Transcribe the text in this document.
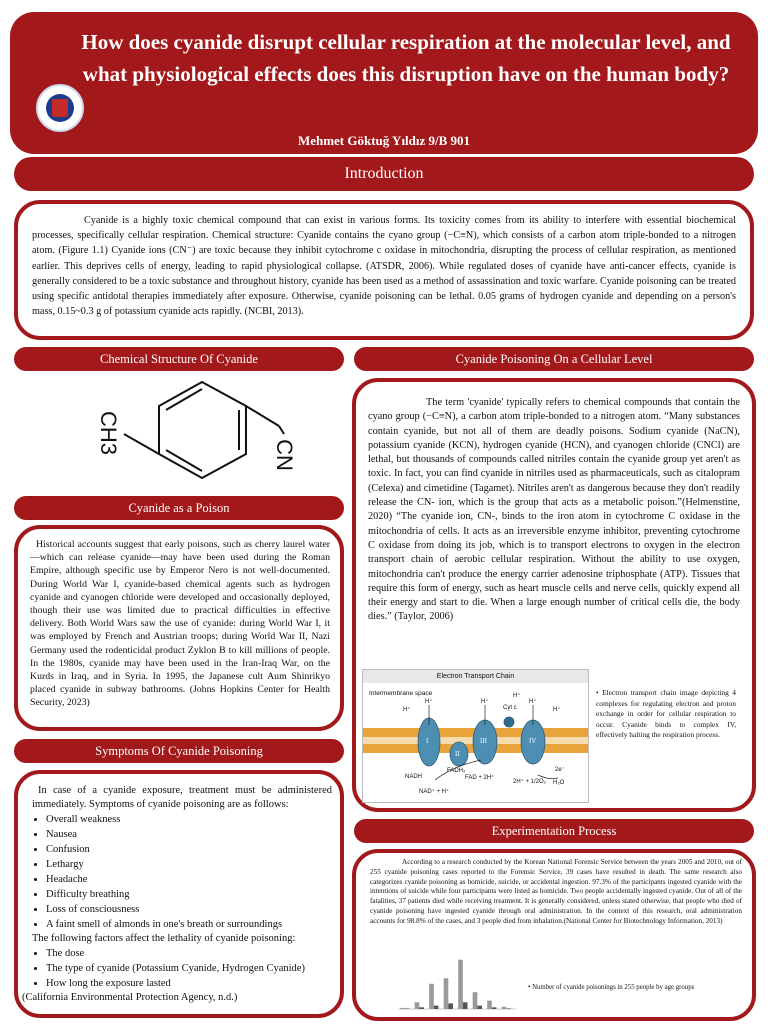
How does cyanide disrupt cellular respiration at the molecular level, and what physiological effects does this disruption have on the human body?
Mehmet Göktuğ Yıldız 9/B 901
Introduction

Cyanide is a highly toxic chemical compound that can exist in various forms. Its toxicity comes from its ability to interfere with essential biochemical processes, specifically cellular respiration. Chemical structure: Cyanide contains the cyano group (−C≡N), which consists of a carbon atom triple-bonded to a nitrogen atom. (Figure 1.1) Cyanide ions (CN⁻) are toxic because they inhibit cytochrome c oxidase in mitochondria, disrupting the process of cellular respiration, as mentioned earlier. This deprives cells of energy, leading to rapid physiological collapse. (ATSDR, 2006). While regulated doses of cyanide have anti-cancer effects, cyanide is generally considered to be a toxic substance and throughout history, cyanide has been used as a method of assassination and toxic warfare. Cyanide poisoning can be treated using specific antidotal therapies immediately after exposure. Otherwise, cyanide poisoning can be lethal. 0.05 grams of hydrogen cyanide and depending on a person's mass, 0.15~0.3 g of potassium cyanide acts rapidly. (NCBI, 2013).

Chemical Structure Of Cyanide
CH3	CN
Cyanide as a Poison

Historical accounts suggest that early poisons, such as cherry laurel water—which can release cyanide—may have been used during the Roman Empire, although specific use by Emperor Nero is not well-documented. During World War I, cyanide-based chemical agents such as hydrogen cyanide and cyanogen chloride were developed and occasionally deployed, though their use was limited due to practical difficulties in effective delivery. Both World Wars saw the use of cyanide: during World War I, it was employed by French and Austrian troops; during World War II, Nazi Germany used the rodenticidal product Zyklon B to kill millions of people. In the 1980s, cyanide may have been used in the Iran-Iraq War, on the Kurds in Iraq, and in Syria. In 1995, the Japanese cult Aum Shinrikyo placed cyanide in subway bathrooms. (Johns Hopkins Center for Health Security, 2023)

Symptoms Of Cyanide Poisoning

In case of a cyanide exposure, treatment must be administered immediately. Symptoms of cyanide poisoning are as follows:

• Overall weakness
• Nausea
• Confusion
• Lethargy
• Headache
• Difficulty breathing
• Loss of consciousness
• A faint smell of almonds in one's breath or surroundings

The following factors affect the lethality of cyanide poisoning:

• The dose
• The type of cyanide (Potassium Cyanide, Hydrogen Cyanide)
• How long the exposure lasted

(California Environmental Protection Agency, n.d.)

Cyanide Poisoning On a Cellular Level

The term 'cyanide' typically refers to chemical compounds that contain the cyano group (−C≡N), a carbon atom triple-bonded to a nitrogen atom. “Many substances contain cyanide, but not all of them are deadly poisons. Sodium cyanide (NaCN), potassium cyanide (KCN), hydrogen cyanide (HCN), and cyanogen chloride (CNCl) are lethal, but thousands of compounds called nitriles contain the cyanide group yet aren't as toxic. In fact, you can find cyanide in nitriles used as pharmaceuticals, such as citalopram (Celexa) and cimetidine (Tagamet). Nitriles aren't as dangerous because they don't readily release the CN- ion, which is the group that acts as a metabolic poison.”(Helmenstine, 2020) “The cyanide ion, CN-, binds to the iron atom in cytochrome C oxidase in the mitochondria of cells. It acts as an irreversible enzyme inhibitor, preventing cytochrome C oxidase from doing its job, which is to transport electrons to oxygen in the electron transport chain of aerobic cellular respiration. Without the ability to use oxygen, mitochondria can't produce the energy carrier adenosine triphosphate (ATP). Tissues that require this form of energy, such as heart muscle cells and nerve cells, quickly expend all their energy and start to die. When a large enough number of critical cells die, the body dies.” (Taylor, 2006)

Electron Transport Chain
Intermembrane space
I
II
III	IV
Cyt c
H⁺
H⁺	H⁺	H⁺
H⁺
H⁺
NADH
NAD⁺ + H⁺
FADH₂
FAD + 2H⁺
2H⁺ + 1/2O₂ H₂O
2e⁻
• Electron transport chain image depicting 4 complexes for regulating electron and proton exchange in order for cellular respiration to occur. Cyanide binds to complex IV, effectively halting the respiration process.
Experimentation Process

According to a research conducted by the Korean National Forensic Service between the years 2005 and 2010, out of 255 cyanide poisoning cases reported to the Forensic Service, 39 cases have resulted in death. The same research also categorizes cyanide poisoning as homicide, suicide, or accidental ingestion. 97.3% of the participants ingested cyanide with the intentions of suicide while four participants were listed as homicide. Two people accidentally ingested cyanide. Out of all of the fatalities, 37 patients died while receiving treatment. It is generally considered, unless stated otherwise, that people who died of cyanide poisoning have ingested cyanide through oral administration. In the context of this research, oral administration accounts for 98.8% of the cases, and 3 people died from inhalation.(National Center for Biotechnology Information, 2013)

• Number of cyanide poisonings in 255 people by age groups
